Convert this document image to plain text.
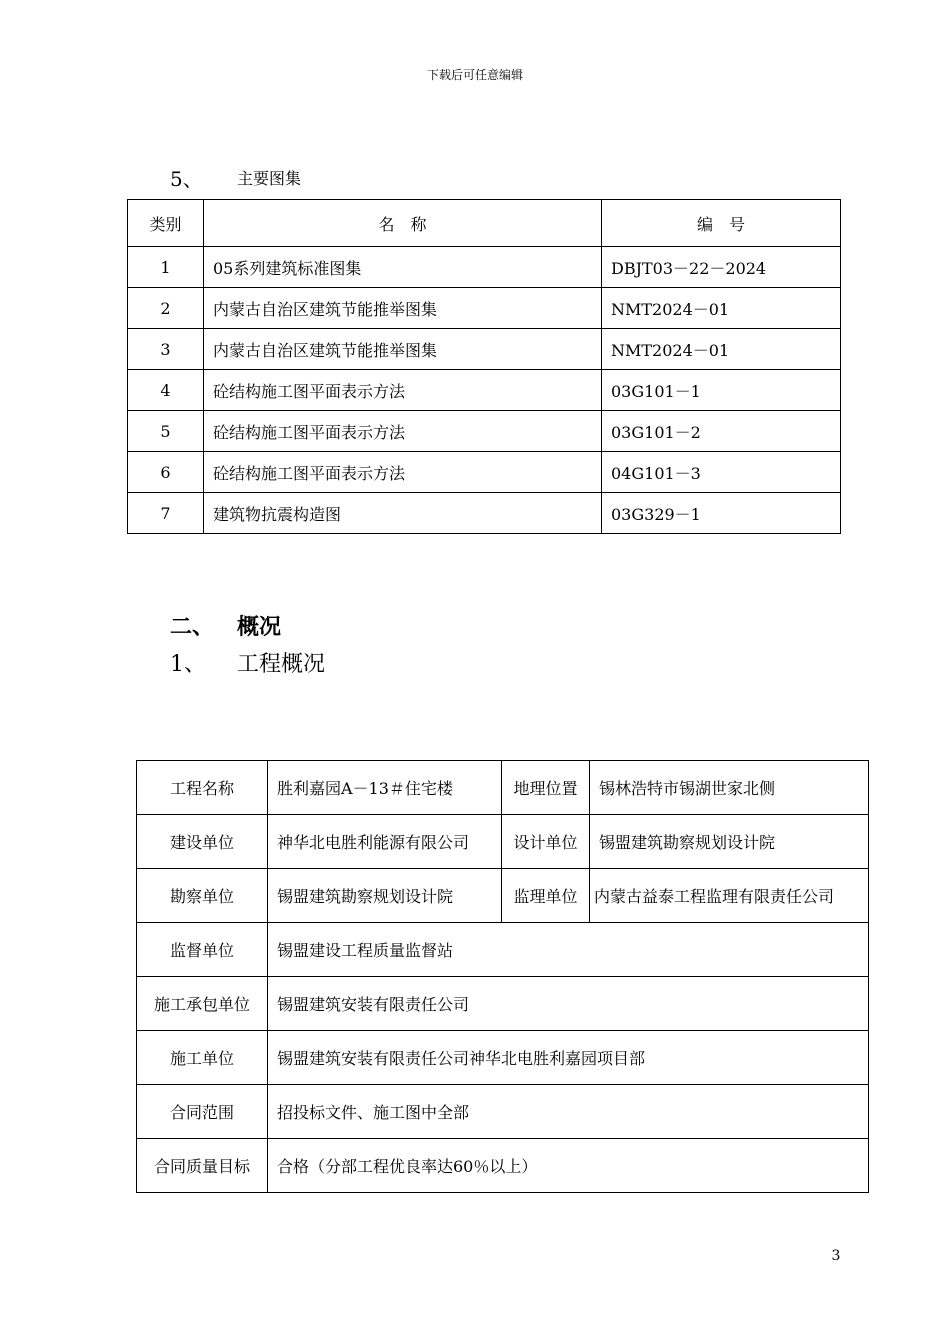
下载后可任意编辑
5、 主要图集
类别	名　称	编　号
1	05系列建筑标准图集	DBJT03－22－2024
2	内蒙古自治区建筑节能推举图集	NMT2024－01
3	内蒙古自治区建筑节能推举图集	NMT2024－01
4	砼结构施工图平面表示方法	03G101－1
5	砼结构施工图平面表示方法	03G101－2
6	砼结构施工图平面表示方法	04G101－3
7	建筑物抗震构造图	03G329－1
二、 概况
1、 工程概况
工程名称	胜利嘉园A－13＃住宅楼	地理位置	锡林浩特市锡湖世家北侧
建设单位	神华北电胜利能源有限公司	设计单位	锡盟建筑勘察规划设计院
勘察单位	锡盟建筑勘察规划设计院	监理单位	内蒙古益泰工程监理有限责任公司
监督单位	锡盟建设工程质量监督站		
施工承包单位	锡盟建筑安装有限责任公司		
施工单位	锡盟建筑安装有限责任公司神华北电胜利嘉园项目部		
合同范围	招投标文件、施工图中全部		
合同质量目标	合格（分部工程优良率达60％以上）		
3
